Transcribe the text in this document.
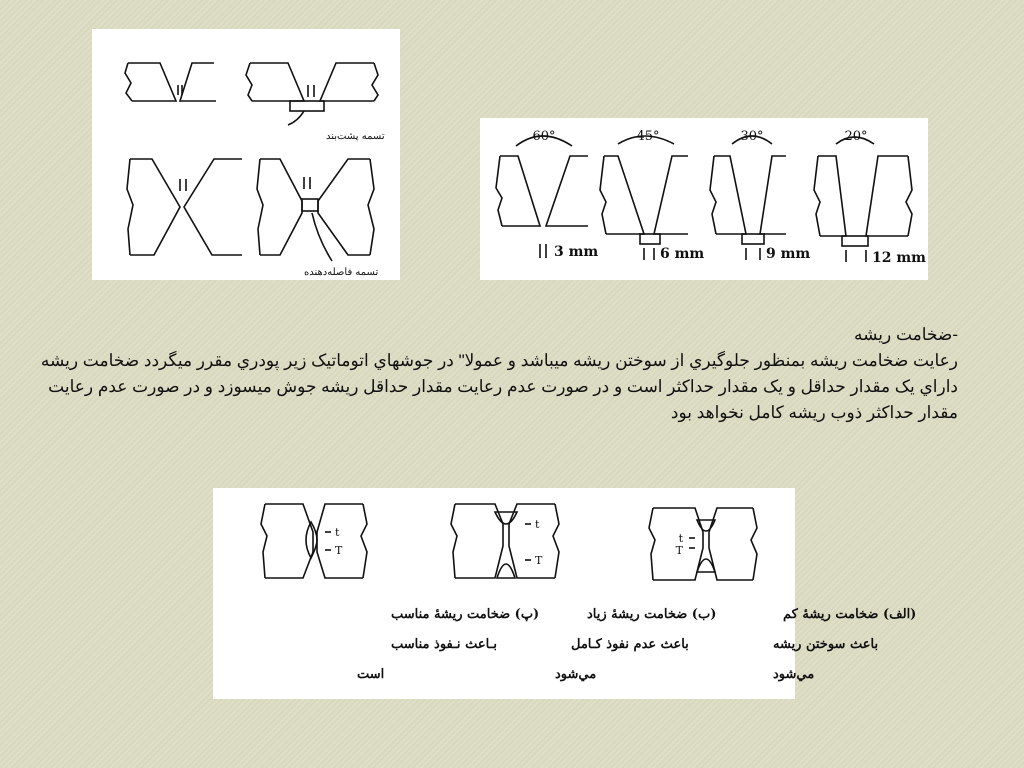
تسمه پشت‌بند
تسمه فاصله‌دهنده
60°	45°	30°	20°
3 mm	6 mm	9 mm	12 mm

-ضخامت ريشه

رعايت ضخامت ريشه بمنظور جلوگيري از سوختن ريشه ميباشد و عمولا" در جوشهاي اتوماتيک زير پودري مقرر ميگردد ضخامت ريشه داراي يک مقدار حداقل و يک مقدار حداکثر است و در صورت عدم رعايت مقدار حداقل ريشه جوش ميسوزد و در صورت عدم رعايت مقدار حداكثر ذوب ريشه كامل نخواهد بود

t
T
t
T
t
T
(پ) ضخامت ريشهٔ مناسب
بـاعث نـفوذ مناسب
است
(ب) ضخامت ريشهٔ زياد
باعث عدم نفوذ كـامل
مي‌شود
(الف) ضخامت ريشهٔ كم
باعث سوختن ريشه
مي‌شود
